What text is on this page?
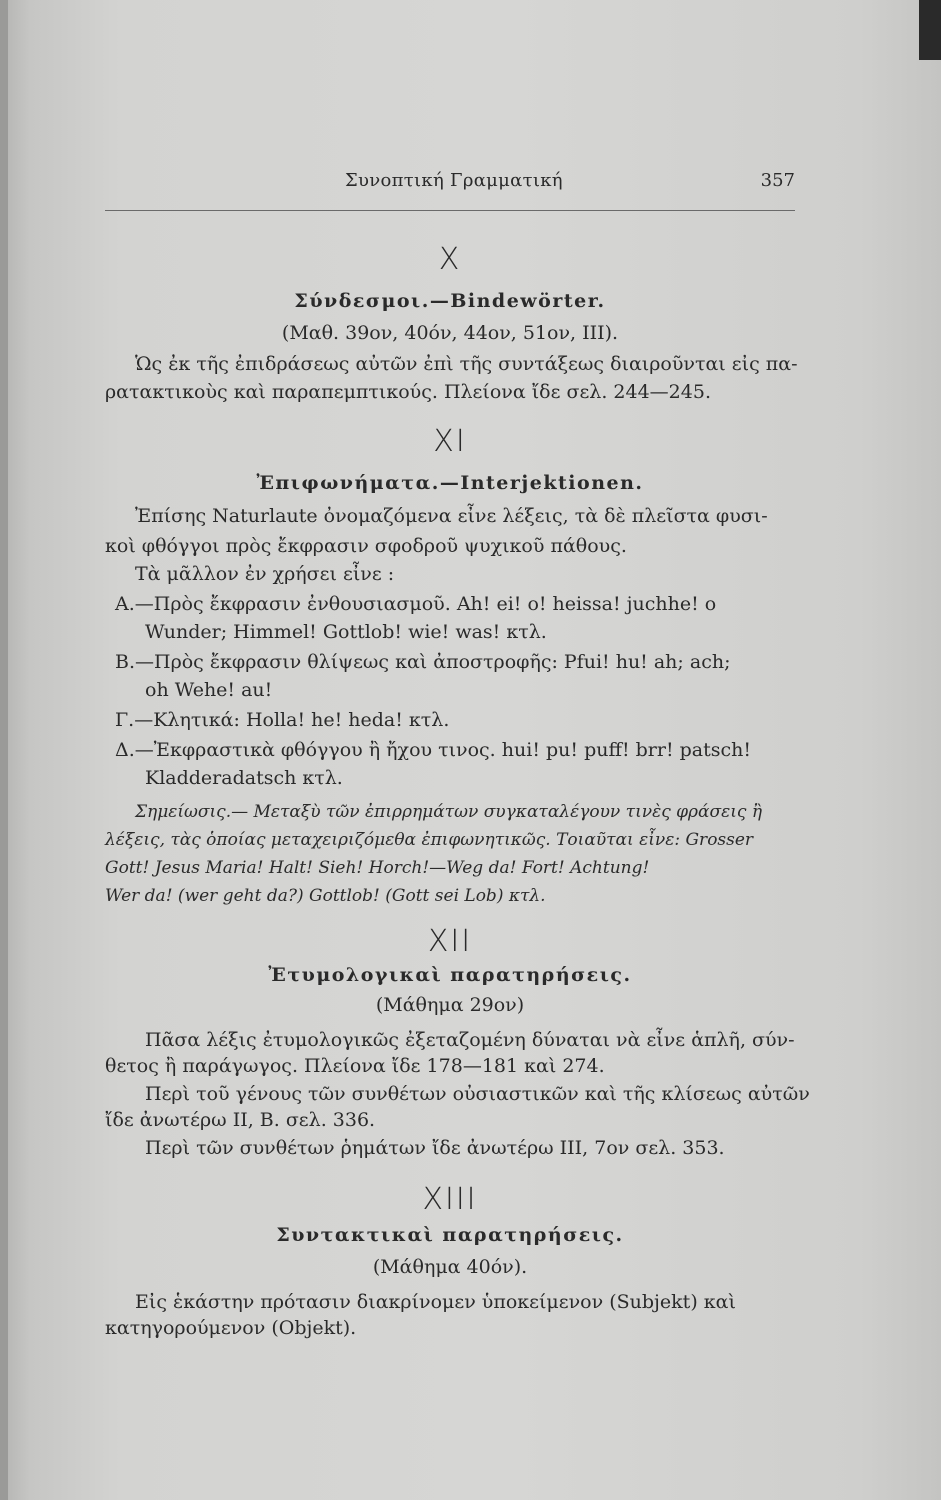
Συνοπτική Γραμματική	357
X
Σύνδεσμοι.—Bindewörter.
(Μαθ. 39ον, 40όν, 44ον, 51ον, III).
Ὡς ἐκ τῆς ἐπιδράσεως αὐτῶν ἐπὶ τῆς συντάξεως διαιροῦνται εἰς πα-
ρατακτικοὺς καὶ παραπεμπτικούς. Πλείονα ἴδε σελ. 244—245.
XI
Ἐπιφωνήματα.—Interjektionen.
Ἐπίσης Naturlaute ὀνομαζόμενα εἶνε λέξεις, τὰ δὲ πλεῖστα φυσι-
κοὶ φθόγγοι πρὸς ἔκφρασιν σφοδροῦ ψυχικοῦ πάθους.
Τὰ μᾶλλον ἐν χρήσει εἶνε :
Α.—Πρὸς ἔκφρασιν ἐνθουσιασμοῦ. Ah! ei! o! heissa! juchhe! o
Wunder; Himmel! Gottlob! wie! was! κτλ.
Β.—Πρὸς ἔκφρασιν θλίψεως καὶ ἀποστροφῆς: Pfui! hu! ah; ach;
oh Wehe! au!
Γ.—Κλητικά: Holla! he! heda! κτλ.
Δ.—Ἐκφραστικὰ φθόγγου ἢ ἤχου τινος. hui! pu! puff! brr! patsch!
Kladderadatsch κτλ.
Σημείωσις.— Μεταξὺ τῶν ἐπιρρημάτων συγκαταλέγουν τινὲς φράσεις ἢ
λέξεις, τὰς ὁποίας μεταχειριζόμεθα ἐπιφωνητικῶς. Τοιαῦται εἶνε: Grosser
Gott! Jesus Maria! Halt! Sieh! Horch!—Weg da! Fort! Achtung!
Wer da! (wer geht da?) Gottlob! (Gott sei Lob) κτλ.
XII
Ἐτυμολογικαὶ παρατηρήσεις.
(Μάθημα 29ον)
Πᾶσα λέξις ἐτυμολογικῶς ἐξεταζομένη δύναται νὰ εἶνε ἁπλῆ, σύν-
θετος ἢ παράγωγος. Πλείονα ἴδε 178—181 καὶ 274.
Περὶ τοῦ γένους τῶν συνθέτων οὐσιαστικῶν καὶ τῆς κλίσεως αὐτῶν
ἴδε ἀνωτέρω II, Β. σελ. 336.
Περὶ τῶν συνθέτων ῥημάτων ἴδε ἀνωτέρω III, 7ον σελ. 353.
XIII
Συντακτικαὶ παρατηρήσεις.
(Μάθημα 40όν).
Εἰς ἑκάστην πρότασιν διακρίνομεν ὑποκείμενον (Subjekt) καὶ
κατηγορούμενον (Objekt).
